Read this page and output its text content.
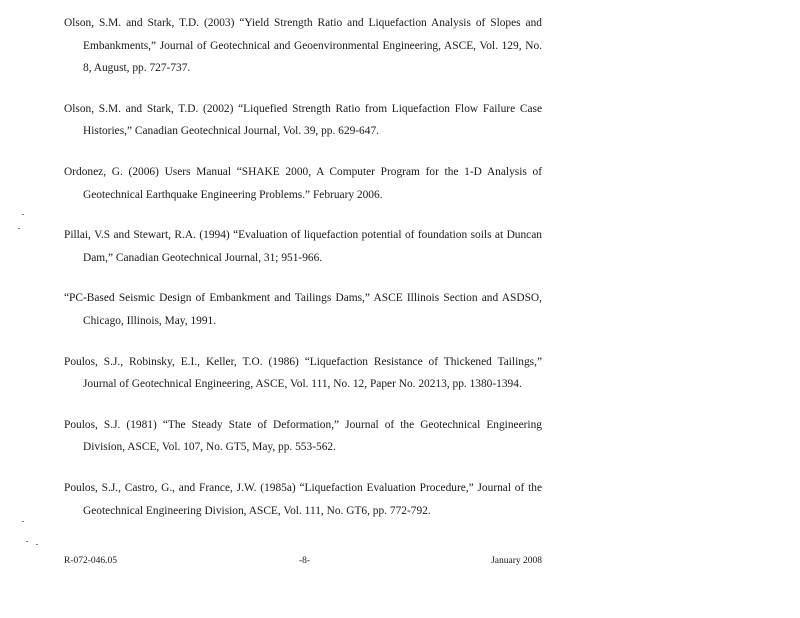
Olson, S.M. and Stark, T.D. (2003) “Yield Strength Ratio and Liquefaction Analysis of Slopes and Embankments,” Journal of Geotechnical and Geoenvironmental Engineering, ASCE, Vol. 129, No. 8, August, pp. 727-737.

Olson, S.M. and Stark, T.D. (2002) “Liquefied Strength Ratio from Liquefaction Flow Failure Case Histories,” Canadian Geotechnical Journal, Vol. 39, pp. 629-647.

Ordonez, G. (2006) Users Manual “SHAKE 2000, A Computer Program for the 1-D Analysis of Geotechnical Earthquake Engineering Problems.” February 2006.

Pillai, V.S and Stewart, R.A. (1994) “Evaluation of liquefaction potential of foundation soils at Duncan Dam,” Canadian Geotechnical Journal, 31; 951-966.

“PC-Based Seismic Design of Embankment and Tailings Dams,” ASCE Illinois Section and ASDSO, Chicago, Illinois, May, 1991.

Poulos, S.J., Robinsky, E.I., Keller, T.O. (1986) “Liquefaction Resistance of Thickened Tailings,” Journal of Geotechnical Engineering, ASCE, Vol. 111, No. 12, Paper No. 20213, pp. 1380-1394.

Poulos, S.J. (1981) “The Steady State of Deformation,” Journal of the Geotechnical Engineering Division, ASCE, Vol. 107, No. GT5, May, pp. 553-562.

Poulos, S.J., Castro, G., and France, J.W. (1985a) “Liquefaction Evaluation Procedure,” Journal of the Geotechnical Engineering Division, ASCE, Vol. 111, No. GT6, pp. 772-792.

R-072-046.05	-8-	January 2008
